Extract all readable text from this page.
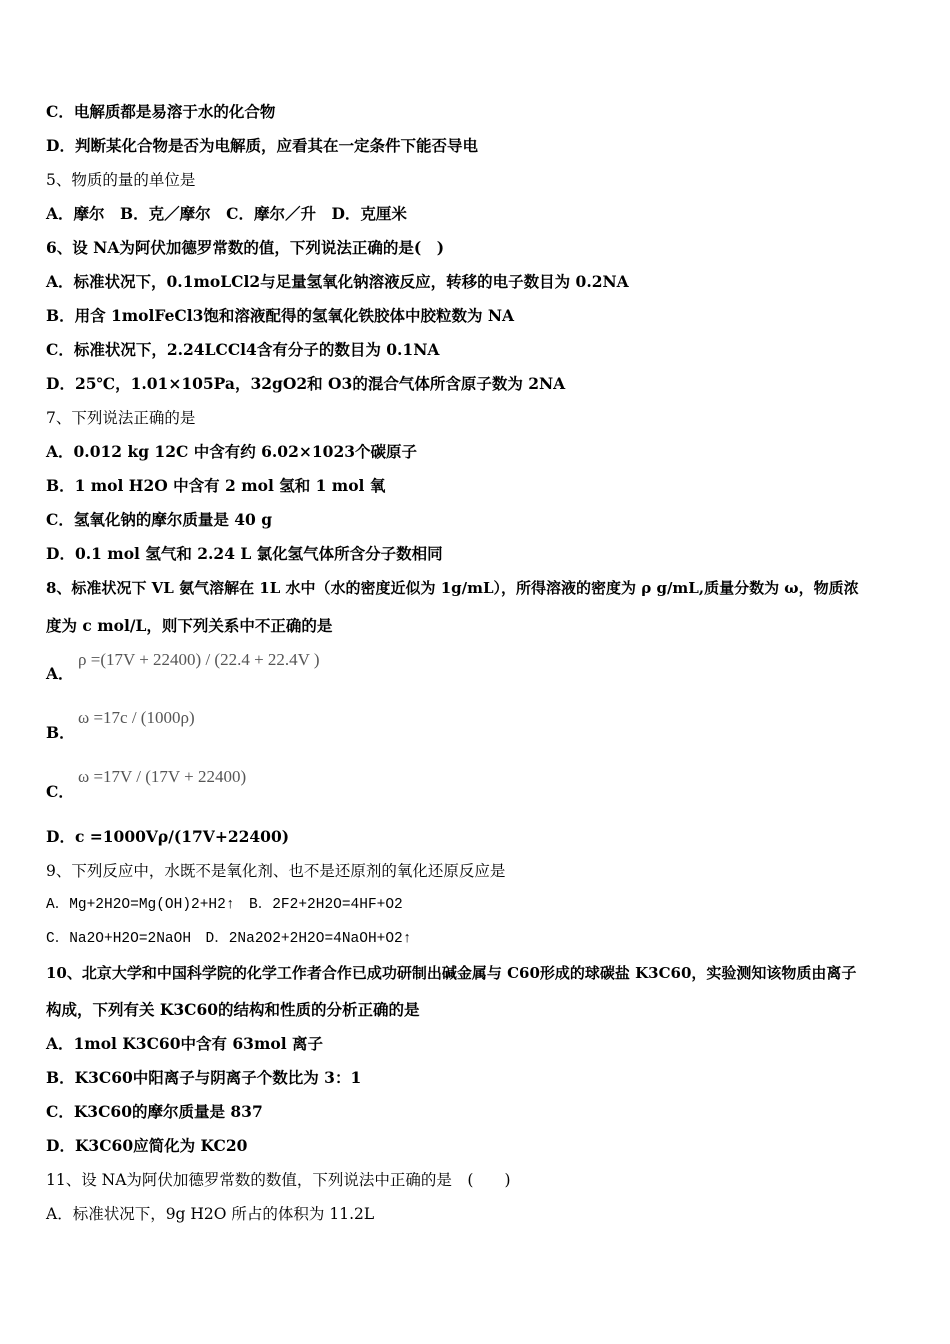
C．电解质都是易溶于水的化合物
D．判断某化合物是否为电解质，应看其在一定条件下能否导电
5、物质的量的单位是
A．摩尔　B．克／摩尔　C．摩尔／升　D．克厘米
6、设 NA为阿伏加德罗常数的值，下列说法正确的是(　)
A．标准状况下，0.1moLCl2与足量氢氧化钠溶液反应，转移的电子数目为 0.2NA
B．用含 1molFeCl3饱和溶液配得的氢氧化铁胶体中胶粒数为 NA
C．标准状况下，2.24LCCl4含有分子的数目为 0.1NA
D．25℃，1.01×105Pa，32gO2和 O3的混合气体所含原子数为 2NA
7、下列说法正确的是
A．0.012 kg 12C 中含有约 6.02×1023个碳原子
B．1 mol H2O 中含有 2 mol 氢和 1 mol 氧
C．氢氧化钠的摩尔质量是 40 g
D．0.1 mol 氢气和 2.24 L 氯化氢气体所含分子数相同
8、标准状况下 VL 氨气溶解在 1L 水中（水的密度近似为 1g/mL），所得溶液的密度为 ρ g/mL,质量分数为 ω，物质浓
度为 c mol/L，则下列关系中不正确的是
A．
ρ =(17V + 22400) / (22.4 + 22.4V )
B．
ω =17c / (1000ρ)
C．
ω =17V / (17V + 22400)
D．c =1000Vρ/(17V+22400)
9、下列反应中，水既不是氧化剂、也不是还原剂的氧化还原反应是
A．Mg+2H2O=Mg(OH)2+H2↑　B．2F2+2H2O=4HF+O2
C．Na2O+H2O=2NaOH　D．2Na2O2+2H2O=4NaOH+O2↑
10、北京大学和中国科学院的化学工作者合作已成功研制出碱金属与 C60形成的球碳盐 K3C60，实验测知该物质由离子
构成，下列有关 K3C60的结构和性质的分析正确的是
A．1mol K3C60中含有 63mol 离子
B．K3C60中阳离子与阴离子个数比为 3：1
C．K3C60的摩尔质量是 837
D．K3C60应简化为 KC20
11、设 NA为阿伏加德罗常数的数值，下列说法中正确的是　(　　)
A．标准状况下，9g H2O 所占的体积为 11.2L
